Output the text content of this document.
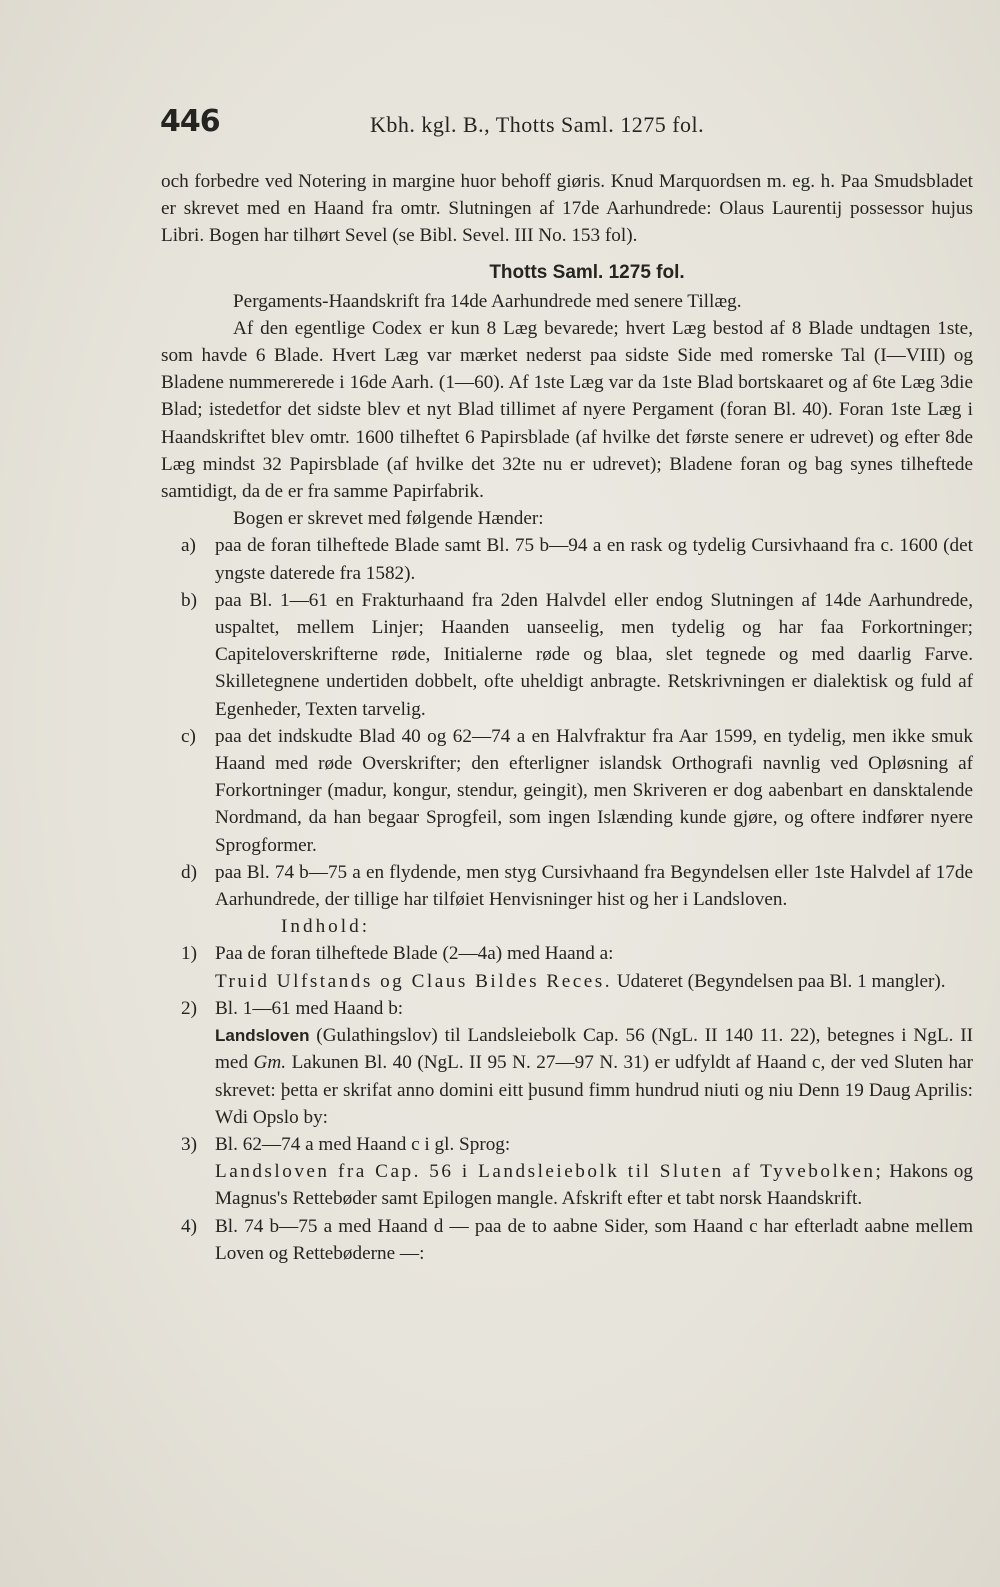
446	Kbh. kgl. B., Thotts Saml. 1275 fol.

och forbedre ved Notering in margine huor behoff giøris. Knud Marquordsen m. eg. h. Paa Smudsbladet er skrevet med en Haand fra omtr. Slutningen af 17de Aarhundrede: Olaus Laurentij possessor hujus Libri. Bogen har tilhørt Sevel (se Bibl. Sevel. III No. 153 fol).

Thotts Saml. 1275 fol.

Pergaments-Haandskrift fra 14de Aarhundrede med senere Tillæg.

Af den egentlige Codex er kun 8 Læg bevarede; hvert Læg bestod af 8 Blade undtagen 1ste, som havde 6 Blade. Hvert Læg var mærket nederst paa sidste Side med romerske Tal (I—VIII) og Bladene nummererede i 16de Aarh. (1—60). Af 1ste Læg var da 1ste Blad bortskaaret og af 6te Læg 3die Blad; istedetfor det sidste blev et nyt Blad tillimet af nyere Pergament (foran Bl. 40). Foran 1ste Læg i Haandskriftet blev omtr. 1600 tilheftet 6 Papirsblade (af hvilke det første senere er udrevet) og efter 8de Læg mindst 32 Papirsblade (af hvilke det 32te nu er udrevet); Bladene foran og bag synes tilheftede samtidigt, da de er fra samme Papirfabrik.

Bogen er skrevet med følgende Hænder:

a) paa de foran tilheftede Blade samt Bl. 75 b—94 a en rask og tydelig Cursivhaand fra c. 1600 (det yngste daterede fra 1582).
b) paa Bl. 1—61 en Frakturhaand fra 2den Halvdel eller endog Slutningen af 14de Aarhundrede, uspaltet, mellem Linjer; Haanden uanseelig, men tydelig og har faa Forkortninger; Capiteloverskrifterne røde, Initialerne røde og blaa, slet tegnede og med daarlig Farve. Skilletegnene undertiden dobbelt, ofte uheldigt anbragte. Retskrivningen er dialektisk og fuld af Egenheder, Texten tarvelig.
c) paa det indskudte Blad 40 og 62—74 a en Halvfraktur fra Aar 1599, en tydelig, men ikke smuk Haand med røde Overskrifter; den efterligner islandsk Orthografi navnlig ved Opløsning af Forkortninger (madur, kongur, stendur, geingit), men Skriveren er dog aabenbart en dansktalende Nordmand, da han begaar Sprogfeil, som ingen Islænding kunde gjøre, og oftere indfører nyere Sprogformer.
d) paa Bl. 74 b—75 a en flydende, men styg Cursivhaand fra Begyndelsen eller 1ste Halvdel af 17de Aarhundrede, der tillige har tilføiet Henvisninger hist og her i Landsloven.

Indhold:

1) Paa de foran tilheftede Blade (2—4a) med Haand a:
Truid Ulfstands og Claus Bildes Reces. Udateret (Begyndelsen paa Bl. 1 mangler).
2) Bl. 1—61 med Haand b:
Landsloven (Gulathingslov) til Landsleiebolk Cap. 56 (NgL. II 140 11. 22), betegnes i NgL. II med Gm. Lakunen Bl. 40 (NgL. II 95 N. 27—97 N. 31) er udfyldt af Haand c, der ved Sluten har skrevet: þetta er skrifat anno domini eitt þusund fimm hundrud niuti og niu Denn 19 Daug Aprilis: Wdi Opslo by:
3) Bl. 62—74 a med Haand c i gl. Sprog:
Landsloven fra Cap. 56 i Landsleiebolk til Sluten af Tyvebolken; Hakons og Magnus's Rettebøder samt Epilogen mangle. Afskrift efter et tabt norsk Haandskrift.
4) Bl. 74 b—75 a med Haand d — paa de to aabne Sider, som Haand c har efterladt aabne mellem Loven og Rettebøderne —:
